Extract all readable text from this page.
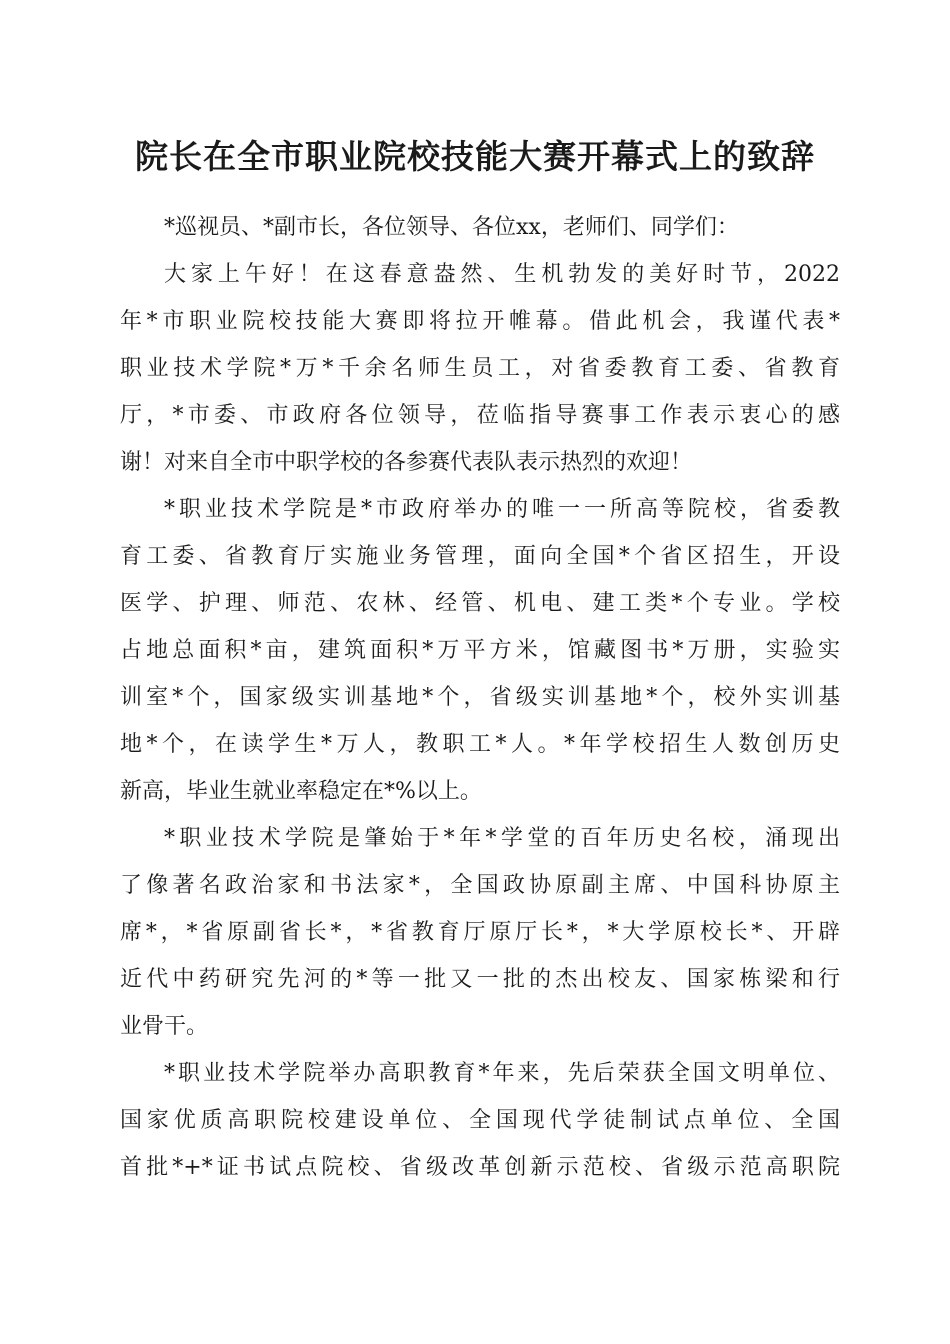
院长在全市职业院校技能大赛开幕式上的致辞
*巡视员、*副市长，各位领导、各位xx，老师们、同学们：
大家上午好！在这春意盎然、生机勃发的美好时节，2022
年*市职业院校技能大赛即将拉开帷幕。借此机会，我谨代表*
职业技术学院*万*千余名师生员工，对省委教育工委、省教育
厅，*市委、市政府各位领导，莅临指导赛事工作表示衷心的感
谢！对来自全市中职学校的各参赛代表队表示热烈的欢迎！
*职业技术学院是*市政府举办的唯一一所高等院校，省委教
育工委、省教育厅实施业务管理，面向全国*个省区招生，开设
医学、护理、师范、农林、经管、机电、建工类*个专业。学校
占地总面积*亩，建筑面积*万平方米，馆藏图书*万册，实验实
训室*个，国家级实训基地*个，省级实训基地*个，校外实训基
地*个，在读学生*万人，教职工*人。*年学校招生人数创历史
新高，毕业生就业率稳定在*%以上。
*职业技术学院是肇始于*年*学堂的百年历史名校，涌现出
了像著名政治家和书法家*，全国政协原副主席、中国科协原主
席*，*省原副省长*，*省教育厅原厅长*，*大学原校长*、开辟
近代中药研究先河的*等一批又一批的杰出校友、国家栋梁和行
业骨干。
*职业技术学院举办高职教育*年来，先后荣获全国文明单位、
国家优质高职院校建设单位、全国现代学徒制试点单位、全国
首批*+*证书试点院校、省级改革创新示范校、省级示范高职院
